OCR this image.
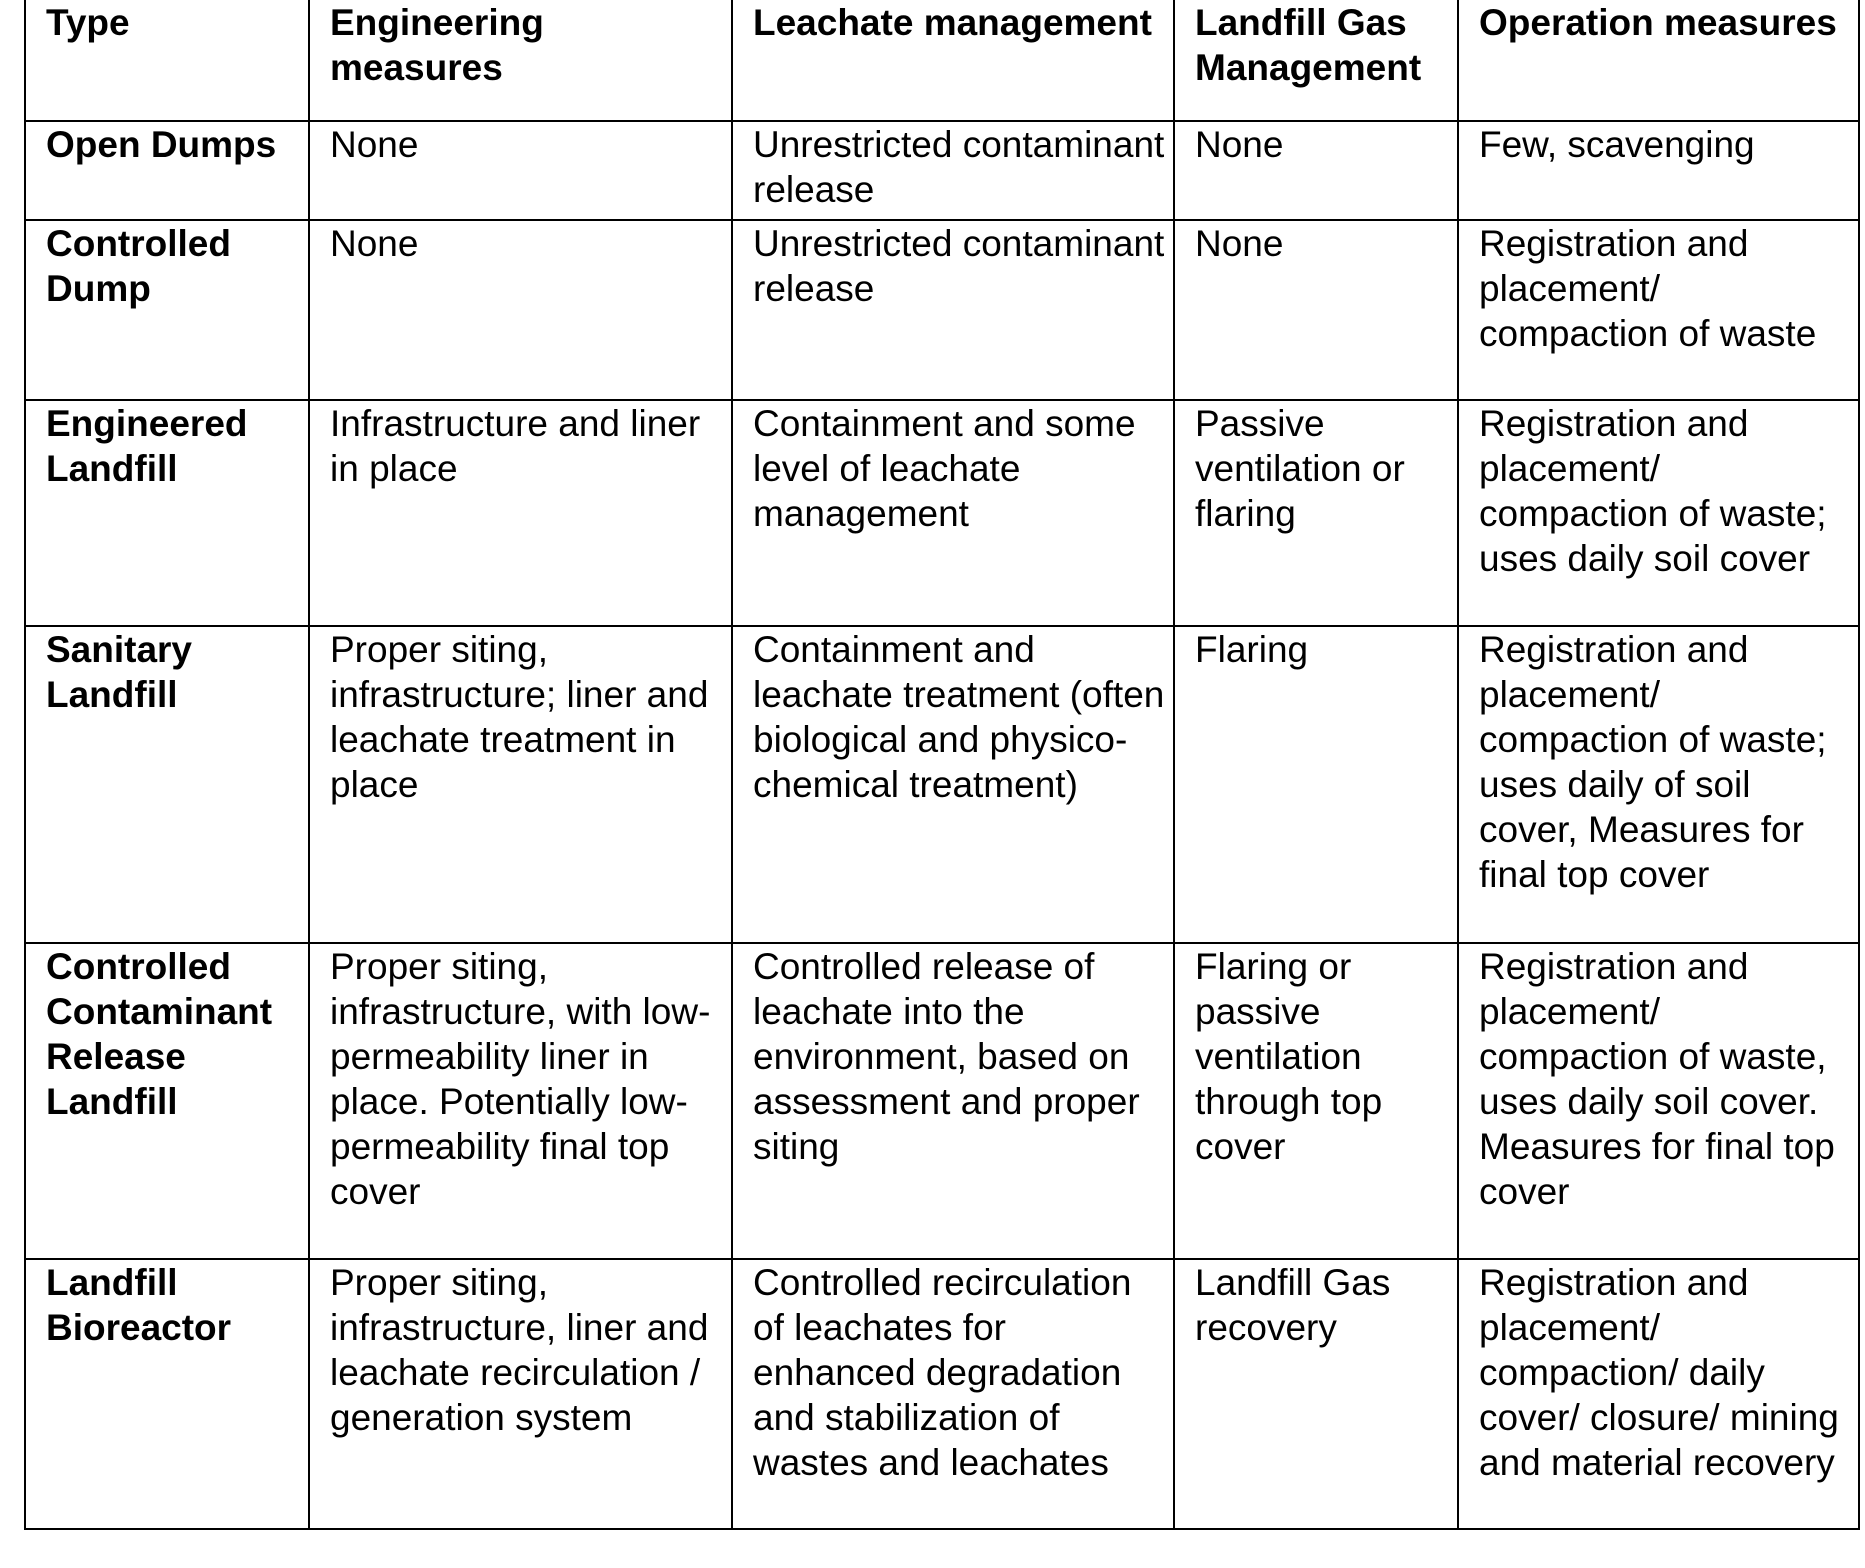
Type	Engineering measures	Leachate management	Landfill Gas Management	Operation measures
Open Dumps	None	Unrestricted contaminant release	None	Few, scavenging
Controlled Dump	None	Unrestricted contaminant release	None	Registration and placement/ compaction of waste
Engineered Landfill	Infrastructure and liner in place	Containment and some level of leachate management	Passive ventilation or flaring	Registration and placement/ compaction of waste; uses daily soil cover
Sanitary Landfill	Proper siting, infrastructure; liner and leachate treatment in place	Containment and leachate treatment (often biological and physico-chemical treatment)	Flaring	Registration and placement/ compaction of waste; uses daily of soil cover, Measures for final top cover
Controlled Contaminant Release Landfill	Proper siting, infrastructure, with low-permeability liner in place. Potentially low-permeability final top cover	Controlled release of leachate into the environment, based on assessment and proper siting	Flaring or passive ventilation through top cover	Registration and placement/ compaction of waste, uses daily soil cover. Measures for final top cover
Landfill Bioreactor	Proper siting, infrastructure, liner and leachate recirculation / generation system	Controlled recirculation of leachates for enhanced degradation and stabilization of wastes and leachates	Landfill Gas recovery	Registration and placement/ compaction/ daily cover/ closure/ mining and material recovery
